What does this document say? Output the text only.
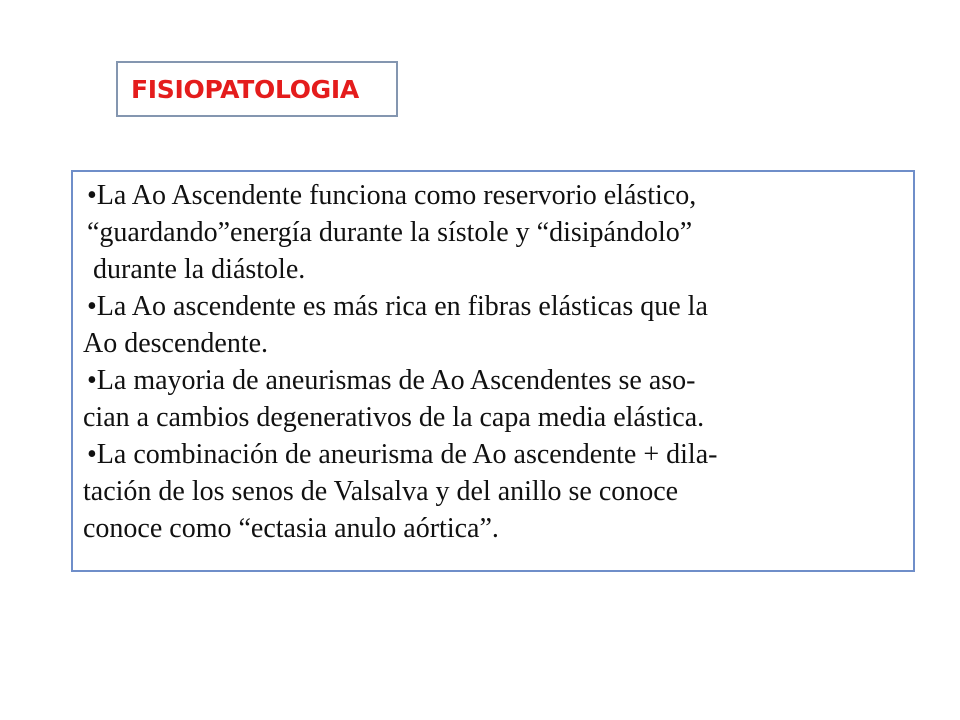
FISIOPATOLOGIA
•La Ao Ascendente funciona como reservorio elástico,
“guardando”energía durante la sístole y “disipándolo”
durante la diástole.
•La Ao ascendente es más rica en fibras elásticas que la
Ao descendente.
•La mayoria de aneurismas de Ao Ascendentes se aso-
cian a cambios degenerativos de la capa media elástica.
•La combinación de aneurisma de Ao ascendente + dila-
tación de los senos de Valsalva y del anillo se conoce
conoce como “ectasia anulo aórtica”.
